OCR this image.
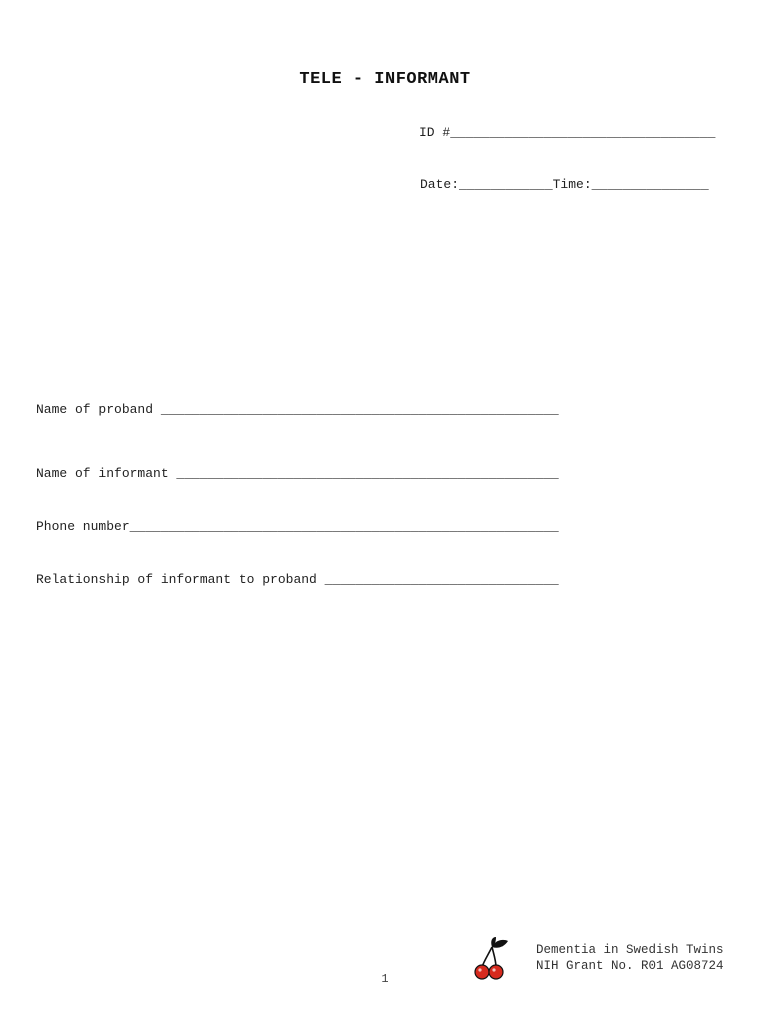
TELE - INFORMANT
ID #__________________________________
Date:____________Time:_______________
Name of proband ___________________________________________________
Name of informant _________________________________________________
Phone number_______________________________________________________
Relationship of informant to proband ______________________________
Dementia in Swedish Twins
NIH Grant No. R01 AG08724
1
